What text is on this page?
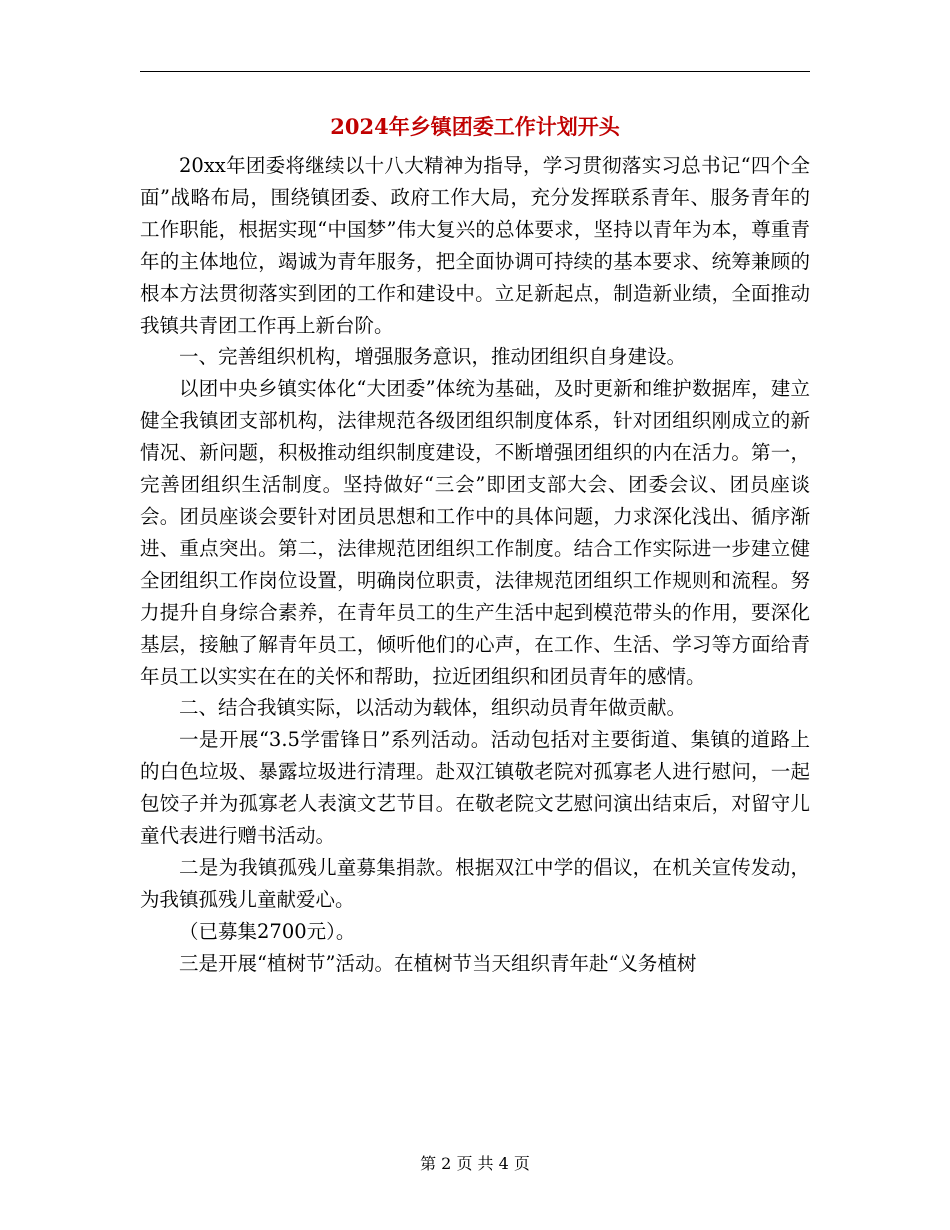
2024年乡镇团委工作计划开头

20xx年团委将继续以十八大精神为指导，学习贯彻落实习总书记“四个全面”战略布局，围绕镇团委、政府工作大局，充分发挥联系青年、服务青年的工作职能，根据实现“中国梦”伟大复兴的总体要求，坚持以青年为本，尊重青年的主体地位，竭诚为青年服务，把全面协调可持续的基本要求、统筹兼顾的根本方法贯彻落实到团的工作和建设中。立足新起点，制造新业绩，全面推动我镇共青团工作再上新台阶。

一、完善组织机构，增强服务意识，推动团组织自身建设。

以团中央乡镇实体化“大团委”体统为基础，及时更新和维护数据库，建立健全我镇团支部机构，法律规范各级团组织制度体系，针对团组织刚成立的新情况、新问题，积极推动组织制度建设，不断增强团组织的内在活力。第一，完善团组织生活制度。坚持做好“三会”即团支部大会、团委会议、团员座谈会。团员座谈会要针对团员思想和工作中的具体问题，力求深化浅出、循序渐进、重点突出。第二，法律规范团组织工作制度。结合工作实际进一步建立健全团组织工作岗位设置，明确岗位职责，法律规范团组织工作规则和流程。努力提升自身综合素养，在青年员工的生产生活中起到模范带头的作用，要深化基层，接触了解青年员工，倾听他们的心声，在工作、生活、学习等方面给青年员工以实实在在的关怀和帮助，拉近团组织和团员青年的感情。

二、结合我镇实际，以活动为载体，组织动员青年做贡献。

一是开展“3.5学雷锋日”系列活动。活动包括对主要街道、集镇的道路上的白色垃圾、暴露垃圾进行清理。赴双江镇敬老院对孤寡老人进行慰问，一起包饺子并为孤寡老人表演文艺节目。在敬老院文艺慰问演出结束后，对留守儿童代表进行赠书活动。

二是为我镇孤残儿童募集捐款。根据双江中学的倡议，在机关宣传发动，为我镇孤残儿童献爱心。

（已募集2700元）。

三是开展“植树节”活动。在植树节当天组织青年赴“义务植树

第 2 页 共 4 页
